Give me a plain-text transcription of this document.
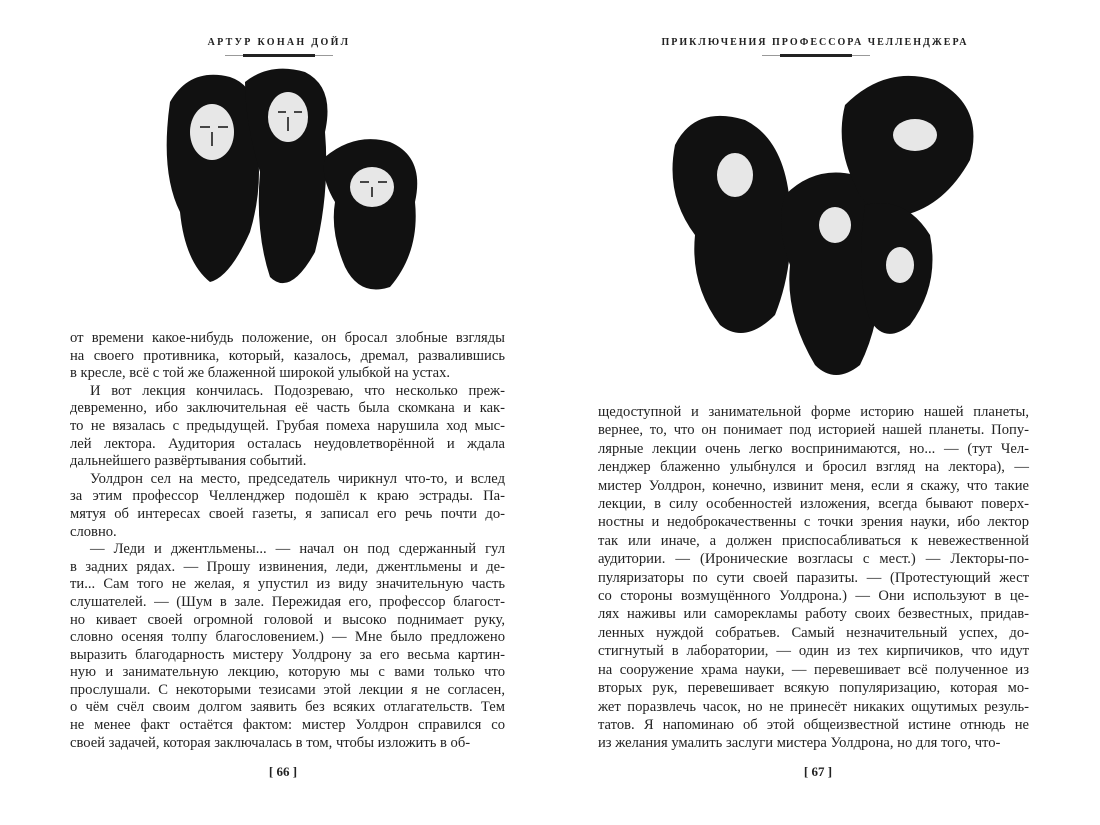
АРТУР КОНАН ДОЙЛ
от времени какое-нибудь положение, он бросал злобные взгляды
на своего противника, который, казалось, дремал, развалившись
в кресле, всё с той же блаженной широкой улыбкой на устах.
И вот лекция кончилась. Подозреваю, что несколько преж-
девременно, ибо заключительная её часть была скомкана и как-
то не вязалась с предыдущей. Грубая помеха нарушила ход мыс-
лей лектора. Аудитория осталась неудовлетворённой и ждала
дальнейшего развёртывания событий.
Уолдрон сел на место, председатель чирикнул что-то, и вслед
за этим профессор Челленджер подошёл к краю эстрады. Па-
мятуя об интересах своей газеты, я записал его речь почти до-
словно.
— Леди и джентльмены... — начал он под сдержанный гул
в задних рядах. — Прошу извинения, леди, джентльмены и де-
ти... Сам того не желая, я упустил из виду значительную часть
слушателей. — (Шум в зале. Пережидая его, профессор благост-
но кивает своей огромной головой и высоко поднимает руку,
словно осеняя толпу благословением.) — Мне было предложено
выразить благодарность мистеру Уолдрону за его весьма картин-
ную и занимательную лекцию, которую мы с вами только что
прослушали. С некоторыми тезисами этой лекции я не согласен,
о чём счёл своим долгом заявить без всяких отлагательств. Тем
не менее факт остаётся фактом: мистер Уолдрон справился со
своей задачей, которая заключалась в том, чтобы изложить в об-
[ 66 ]
ПРИКЛЮЧЕНИЯ ПРОФЕССОРА ЧЕЛЛЕНДЖЕРА
щедоступной и занимательной форме историю нашей планеты,
вернее, то, что он понимает под историей нашей планеты. Попу-
лярные лекции очень легко воспринимаются, но... — (тут Чел-
ленджер блаженно улыбнулся и бросил взгляд на лектора), —
мистер Уолдрон, конечно, извинит меня, если я скажу, что такие
лекции, в силу особенностей изложения, всегда бывают поверх-
ностны и недоброкачественны с точки зрения науки, ибо лектор
так или иначе, а должен приспосабливаться к невежественной
аудитории. — (Иронические возгласы с мест.) — Лекторы-по-
пуляризаторы по сути своей паразиты. — (Протестующий жест
со стороны возмущённого Уолдрона.) — Они используют в це-
лях наживы или саморекламы работу своих безвестных, придав-
ленных нуждой собратьев. Самый незначительный успех, до-
стигнутый в лаборатории, — один из тех кирпичиков, что идут
на сооружение храма науки, — перевешивает всё полученное из
вторых рук, перевешивает всякую популяризацию, которая мо-
жет поразвлечь часок, но не принесёт никаких ощутимых резуль-
татов. Я напоминаю об этой общеизвестной истине отнюдь не
из желания умалить заслуги мистера Уолдрона, но для того, что-
[ 67 ]
